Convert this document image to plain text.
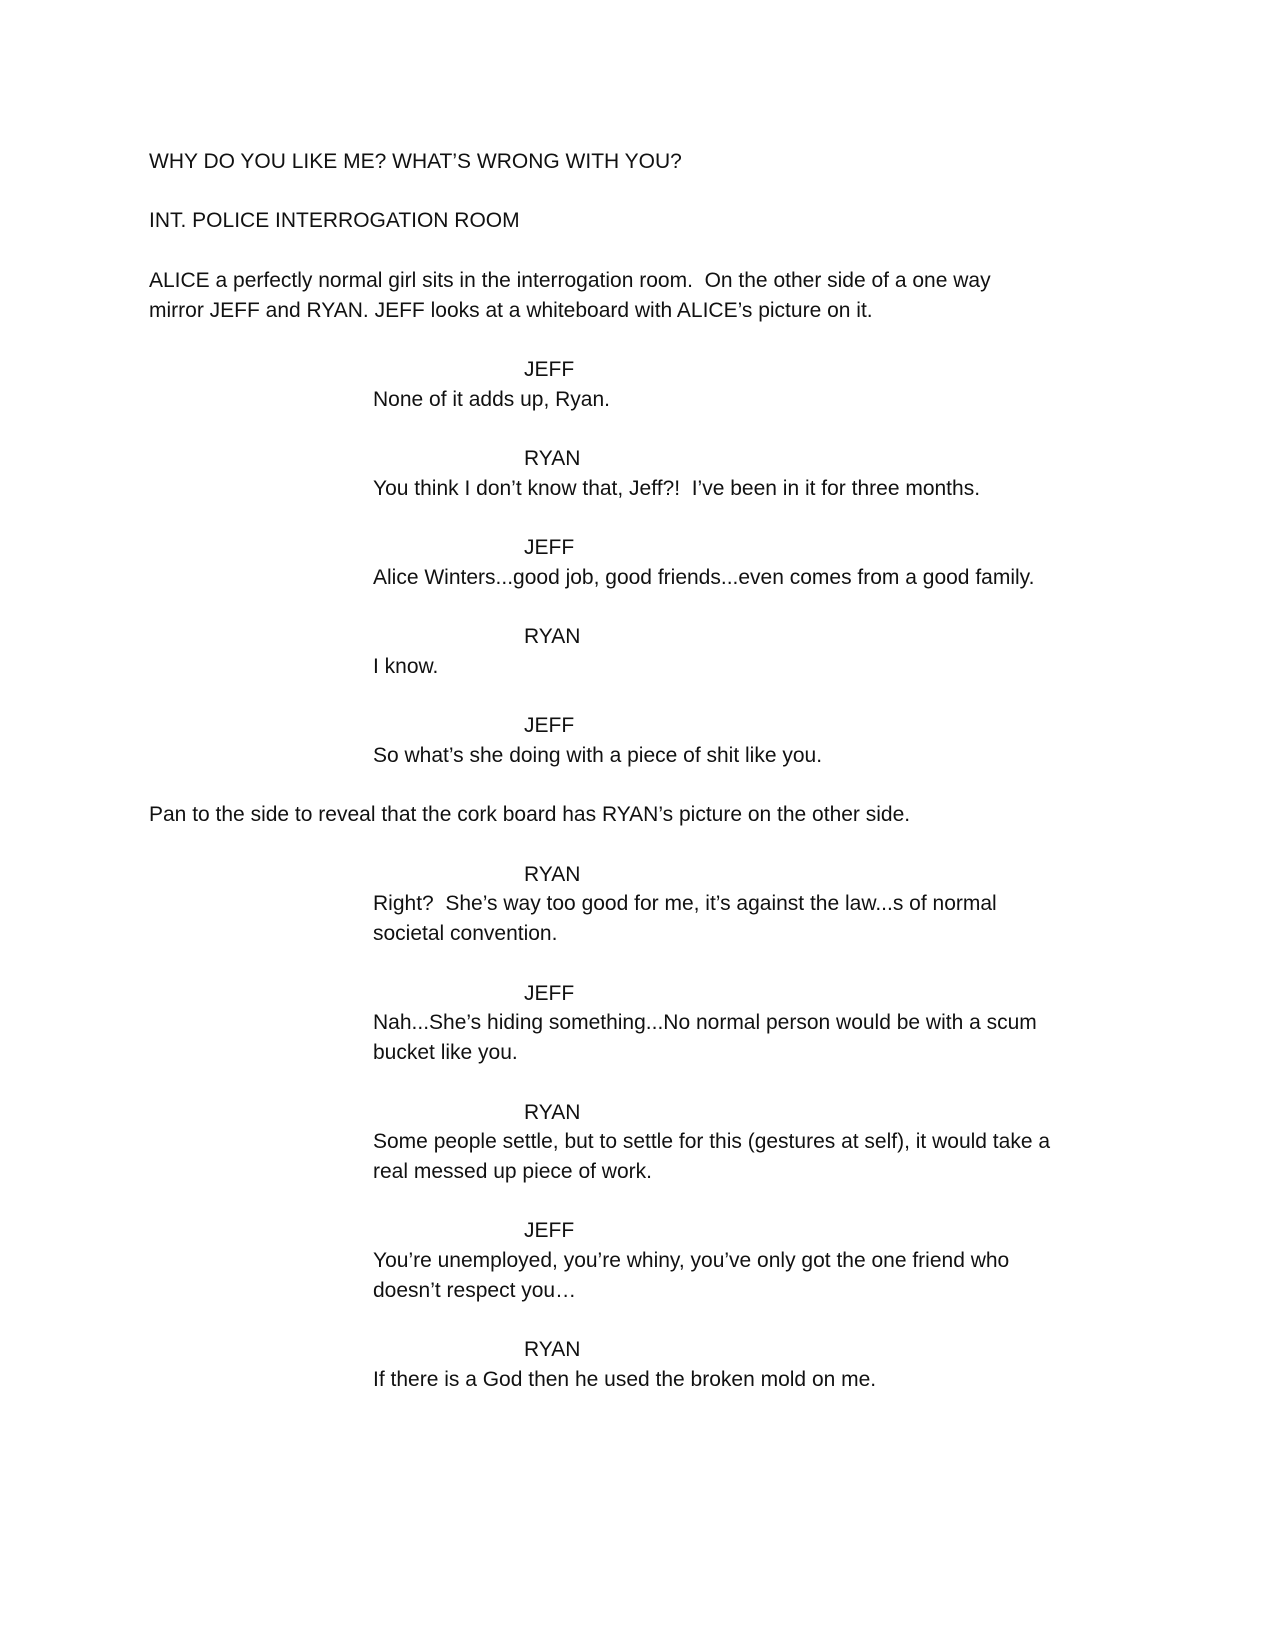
WHY DO YOU LIKE ME? WHAT’S WRONG WITH YOU?

INT. POLICE INTERROGATION ROOM

ALICE a perfectly normal girl sits in the interrogation room.  On the other side of a one way

mirror JEFF and RYAN. JEFF looks at a whiteboard with ALICE’s picture on it.

JEFF

None of it adds up, Ryan.

RYAN

You think I don’t know that, Jeff?!  I’ve been in it for three months.

JEFF

Alice Winters...good job, good friends...even comes from a good family.

RYAN

I know.

JEFF

So what’s she doing with a piece of shit like you.

Pan to the side to reveal that the cork board has RYAN’s picture on the other side.

RYAN

Right?  She’s way too good for me, it’s against the law...s of normal

societal convention.

JEFF

Nah...She’s hiding something...No normal person would be with a scum

bucket like you.

RYAN

Some people settle, but to settle for this (gestures at self), it would take a

real messed up piece of work.

JEFF

You’re unemployed, you’re whiny, you’ve only got the one friend who

doesn’t respect you…

RYAN

If there is a God then he used the broken mold on me.
